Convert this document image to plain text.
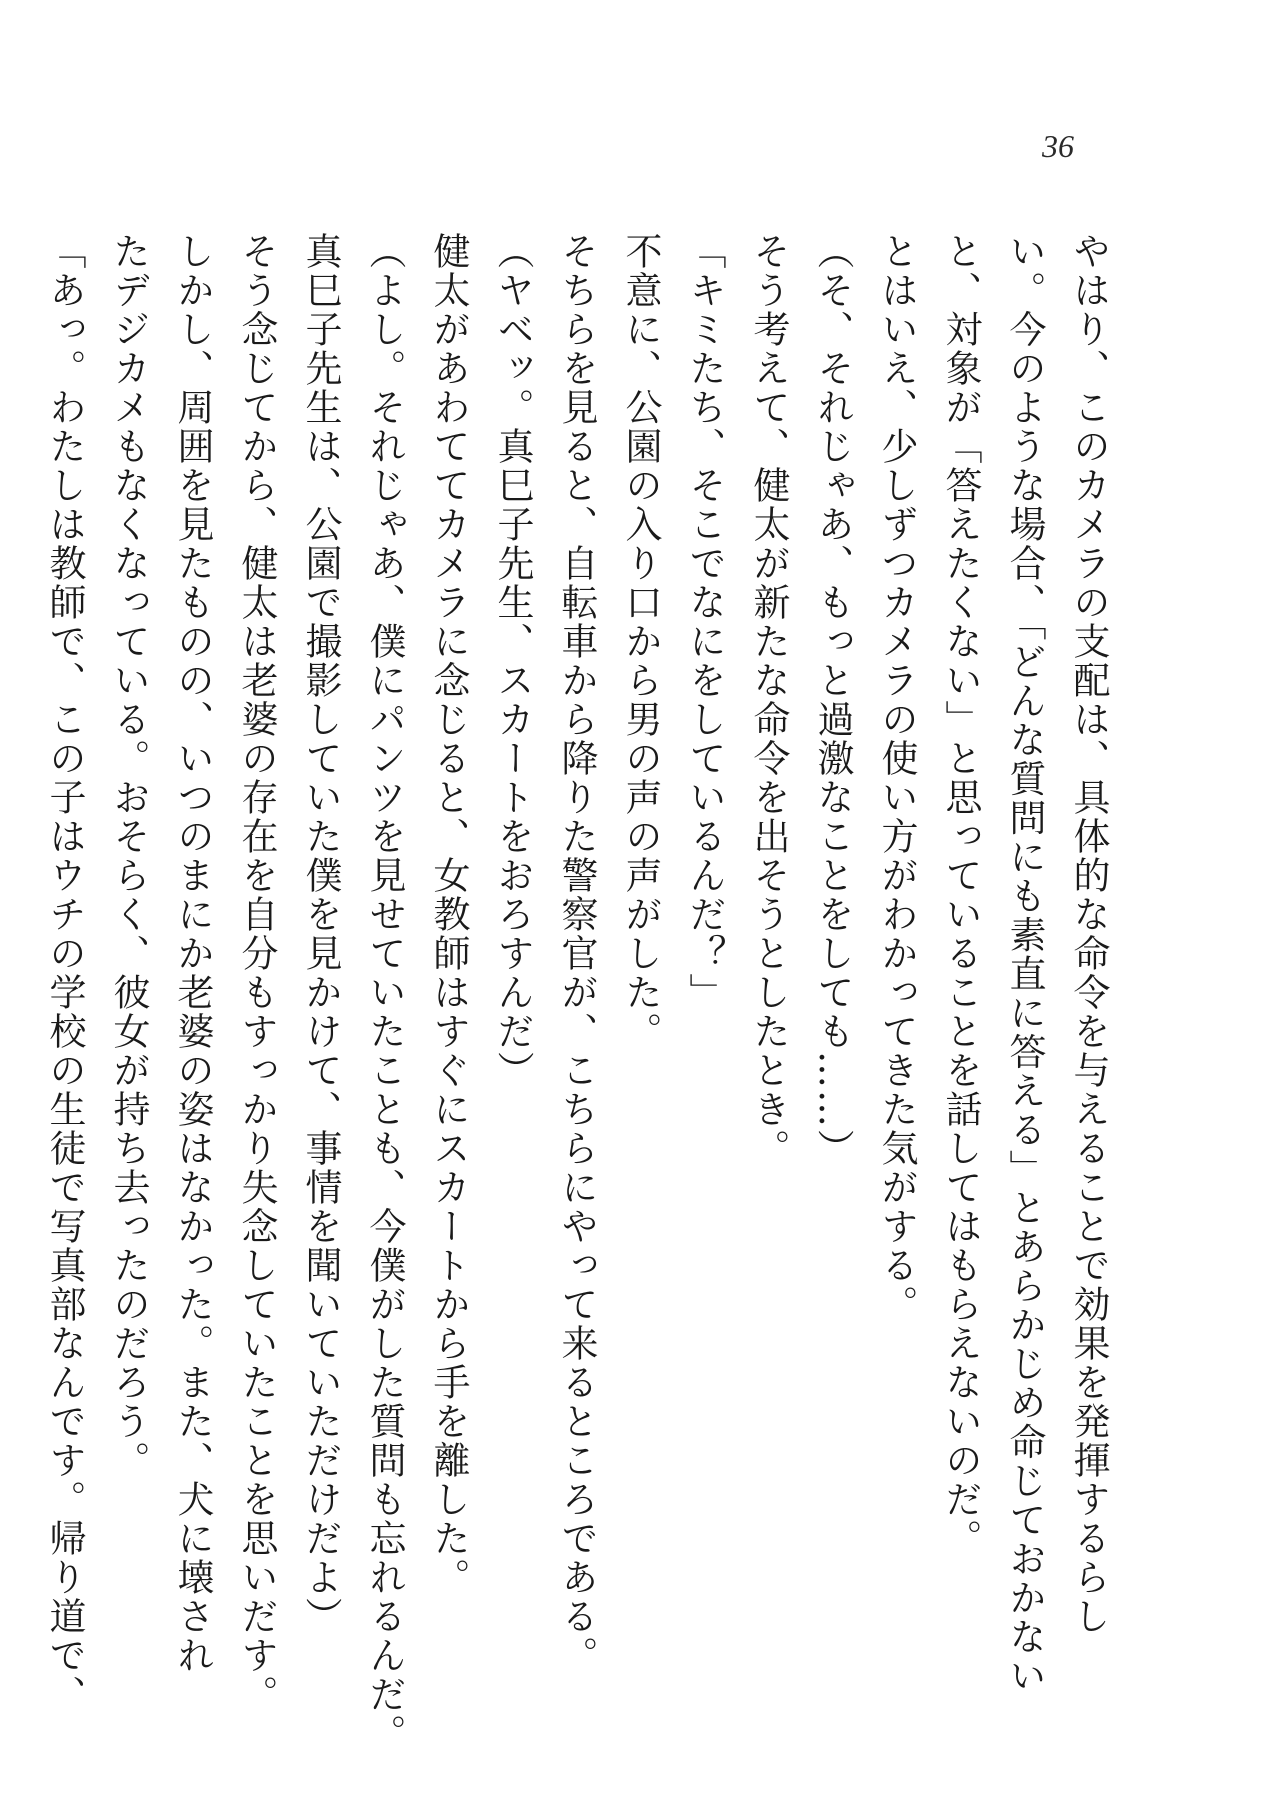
36
やはり、このカメラの支配は、具体的な命令を与えることで効果を発揮するらし
い。今のような場合、「どんな質問にも素直に答える」とあらかじめ命じておかない
と、対象が「答えたくない」と思っていることを話してはもらえないのだ。
とはいえ、少しずつカメラの使い方がわかってきた気がする。
（そ、それじゃあ、もっと過激なことをしても……）
そう考えて、健太が新たな命令を出そうとしたとき。
「キミたち、そこでなにをしているんだ？」
不意に、公園の入り口から男の声の声がした。
そちらを見ると、自転車から降りた警察官が、こちらにやって来るところである。
（ヤベッ。真巳子先生、スカートをおろすんだ）
健太があわててカメラに念じると、女教師はすぐにスカートから手を離した。
（よし。それじゃあ、僕にパンツを見せていたことも、今僕がした質問も忘れるんだ。
真巳子先生は、公園で撮影していた僕を見かけて、事情を聞いていただけだよ）
そう念じてから、健太は老婆の存在を自分もすっかり失念していたことを思いだす。
しかし、周囲を見たものの、いつのまにか老婆の姿はなかった。また、犬に壊され
たデジカメもなくなっている。おそらく、彼女が持ち去ったのだろう。
「あっ。わたしは教師で、この子はウチの学校の生徒で写真部なんです。帰り道で、
